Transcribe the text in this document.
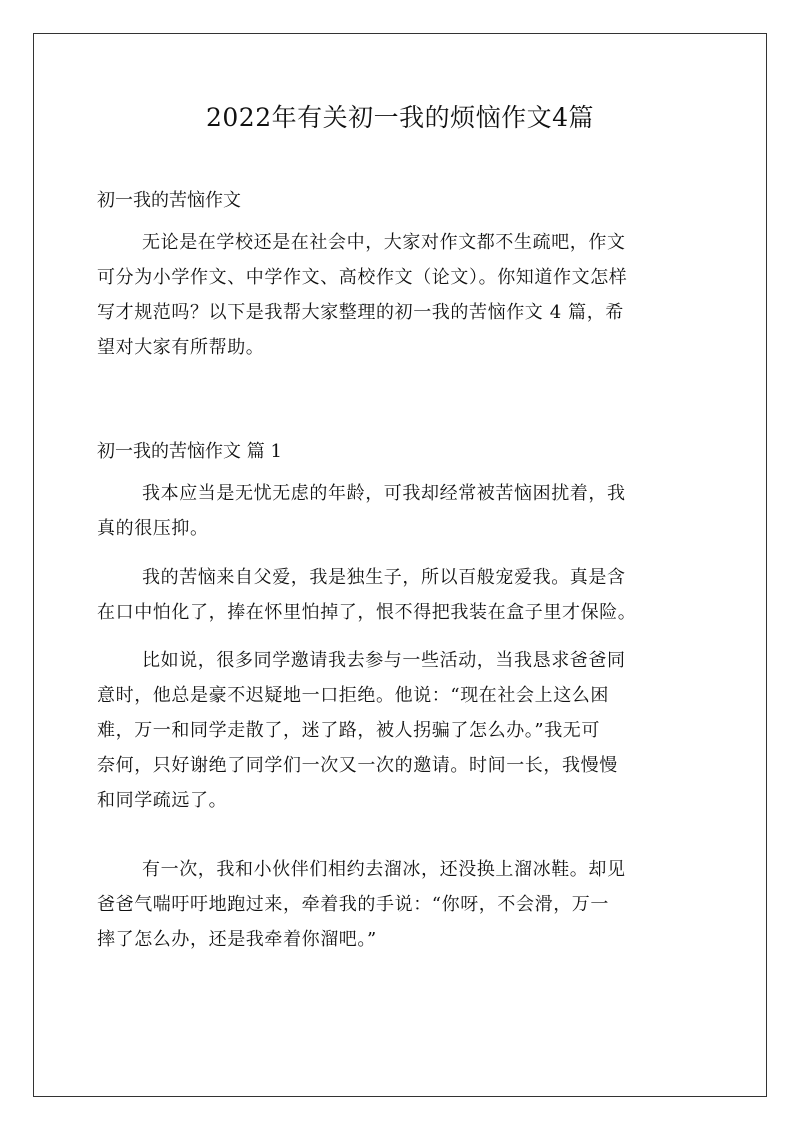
2022年有关初一我的烦恼作文4篇
初一我的苦恼作文
无论是在学校还是在社会中，大家对作文都不生疏吧，作文
可分为小学作文、中学作文、高校作文（论文）。你知道作文怎样
写才规范吗？以下是我帮大家整理的初一我的苦恼作文 4 篇，希
望对大家有所帮助。
初一我的苦恼作文 篇 1
我本应当是无忧无虑的年龄，可我却经常被苦恼困扰着，我
真的很压抑。
我的苦恼来自父爱，我是独生子，所以百般宠爱我。真是含
在口中怕化了，捧在怀里怕掉了，恨不得把我装在盒子里才保险。
比如说，很多同学邀请我去参与一些活动，当我恳求爸爸同
意时，他总是豪不迟疑地一口拒绝。他说：“现在社会上这么困
难，万一和同学走散了，迷了路，被人拐骗了怎么办。”我无可
奈何，只好谢绝了同学们一次又一次的邀请。时间一长，我慢慢
和同学疏远了。
有一次，我和小伙伴们相约去溜冰，还没换上溜冰鞋。却见
爸爸气喘吁吁地跑过来，牵着我的手说：“你呀，不会滑，万一
摔了怎么办，还是我牵着你溜吧。”
